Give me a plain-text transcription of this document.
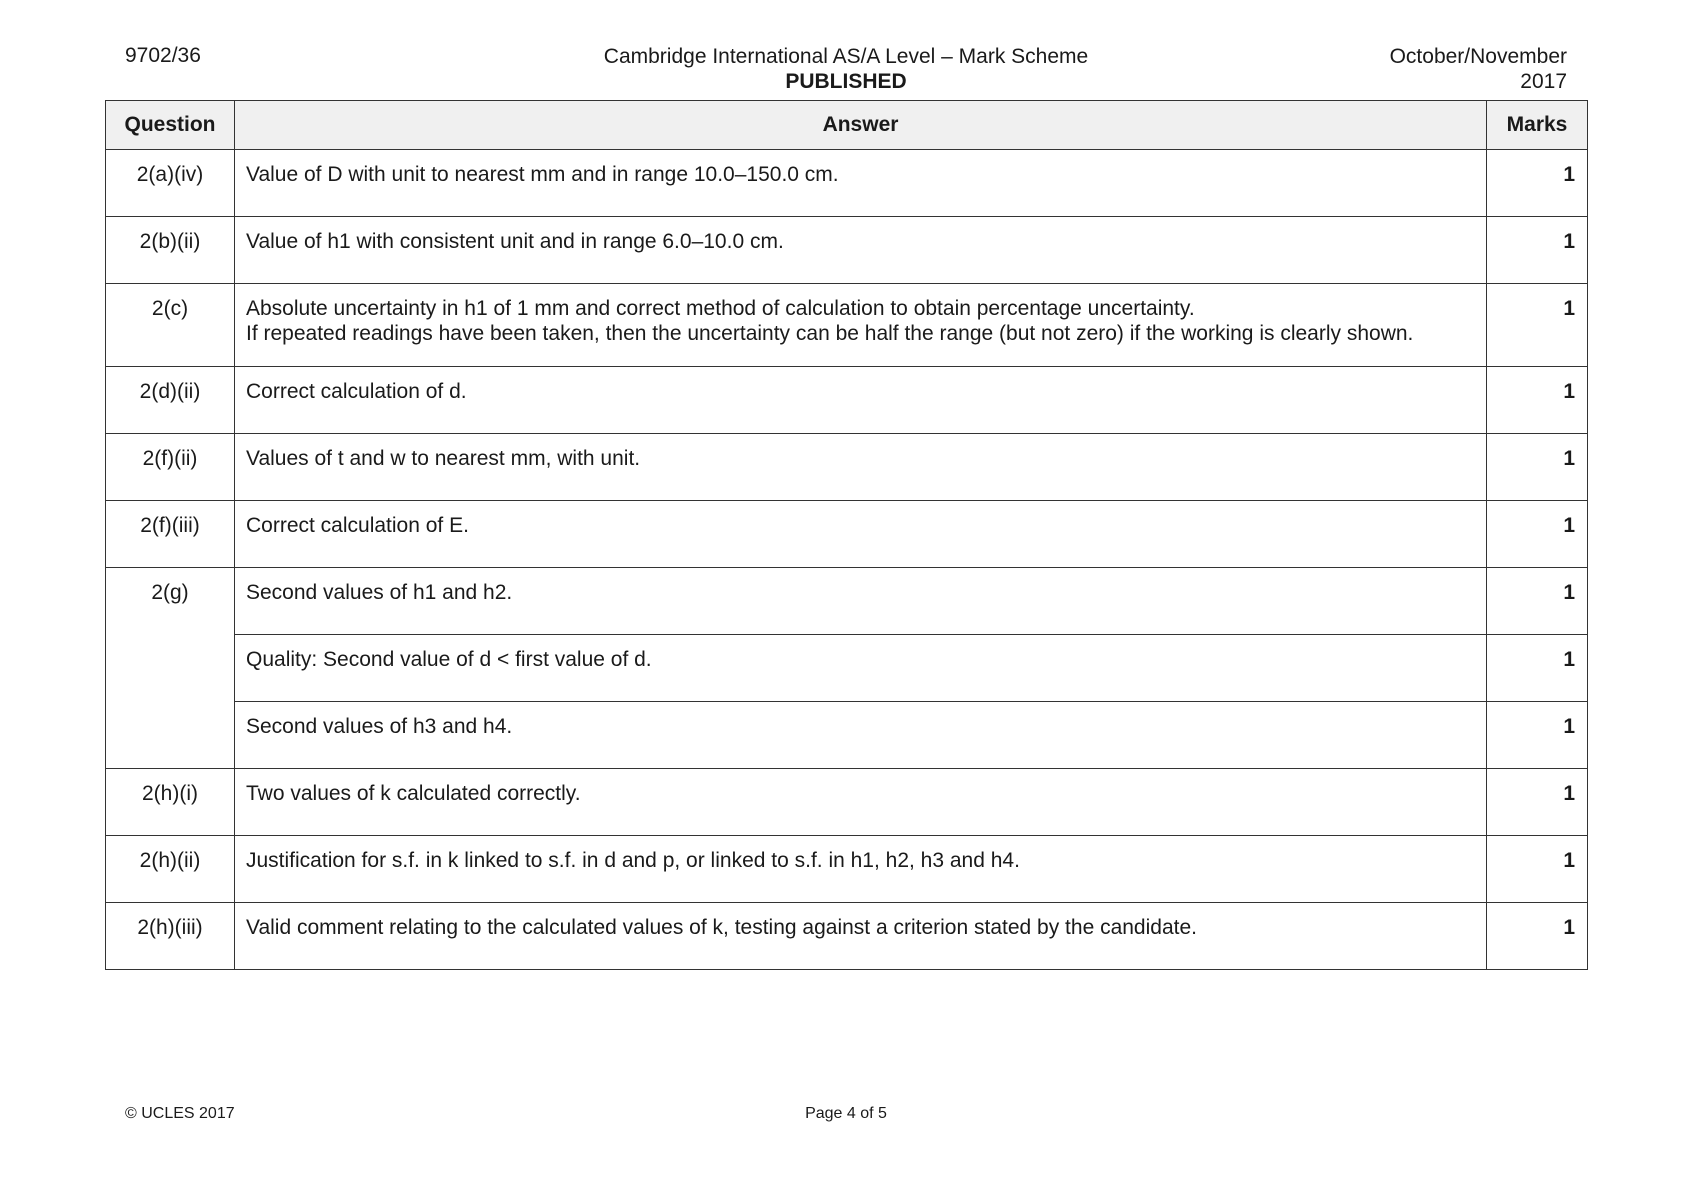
9702/36	Cambridge International AS/A Level – Mark Scheme
PUBLISHED
October/November
2017
Question	Answer	Marks
2(a)(iv)	Value of D with unit to nearest mm and in range 10.0–150.0 cm.	1
2(b)(ii)	Value of h1 with consistent unit and in range 6.0–10.0 cm.	1
2(c)	Absolute uncertainty in h1 of 1 mm and correct method of calculation to obtain percentage uncertainty.
If repeated readings have been taken, then the uncertainty can be half the range (but not zero) if the working is clearly shown.	1
2(d)(ii)	Correct calculation of d.	1
2(f)(ii)	Values of t and w to nearest mm, with unit.	1
2(f)(iii)	Correct calculation of E.	1
2(g)	Second values of h1 and h2.	1

	Quality: Second value of d < first value of d.	1

	Second values of h3 and h4.	1
2(h)(i)	Two values of k calculated correctly.	1
2(h)(ii)	Justification for s.f. in k linked to s.f. in d and p, or linked to s.f. in h1, h2, h3 and h4.	1
2(h)(iii)	Valid comment relating to the calculated values of k, testing against a criterion stated by the candidate.	1
© UCLES 2017	Page 4 of 5
